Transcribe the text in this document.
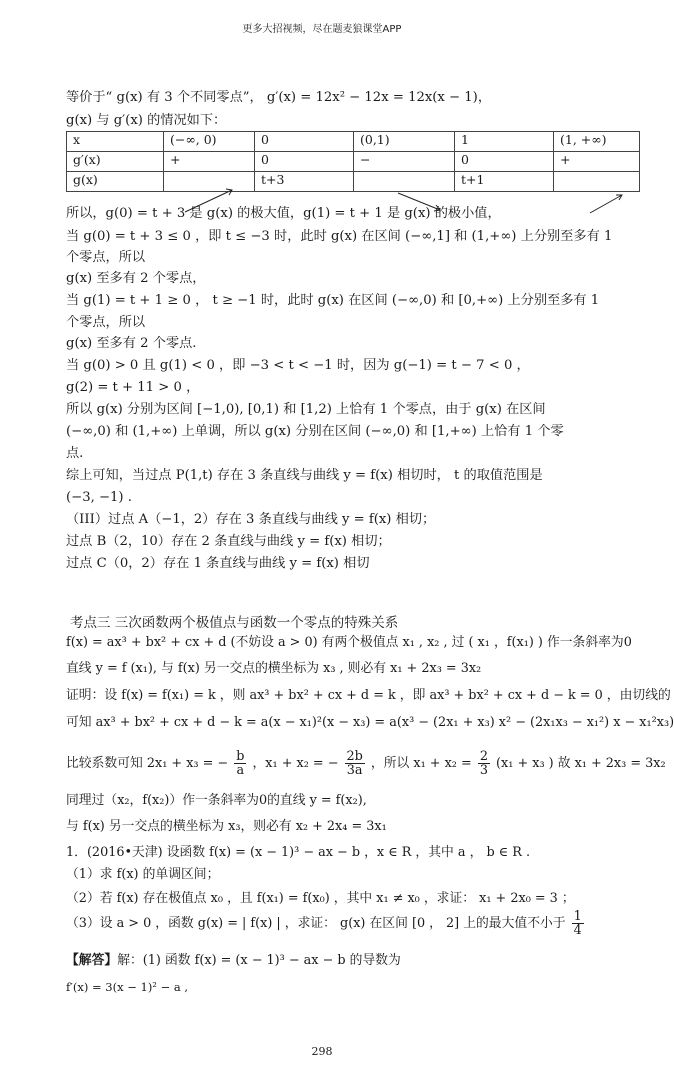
更多大招视频，尽在题麦狼课堂APP
等价于“ g(x) 有 3 个不同零点”， g′(x) = 12x² − 12x = 12x(x − 1)，
g(x) 与 g′(x) 的情况如下：
x	(−∞, 0)	0	(0,1)	1	(1, +∞)
g′(x)	+	0	−	0	+
g(x)		t+3		t+1	
所以，g(0) = t + 3 是 g(x) 的极大值，g(1) = t + 1 是 g(x) 的极小值，
当 g(0) = t + 3 ≤ 0 ，即 t ≤ −3 时，此时 g(x) 在区间 (−∞,1] 和 (1,+∞) 上分别至多有 1
个零点，所以
g(x) 至多有 2 个零点，
当 g(1) = t + 1 ≥ 0 ， t ≥ −1 时，此时 g(x) 在区间 (−∞,0) 和 [0,+∞) 上分别至多有 1
个零点，所以
g(x) 至多有 2 个零点.
当 g(0) > 0 且 g(1) < 0 ，即 −3 < t < −1 时，因为 g(−1) = t − 7 < 0 ，
g(2) = t + 11 > 0 ，
所以 g(x) 分别为区间 [−1,0), [0,1) 和 [1,2) 上恰有 1 个零点，由于 g(x) 在区间
(−∞,0) 和 (1,+∞) 上单调，所以 g(x) 分别在区间 (−∞,0) 和 [1,+∞) 上恰有 1 个零
点.
综上可知，当过点 P(1,t) 存在 3 条直线与曲线 y = f(x) 相切时， t 的取值范围是
(−3, −1) .
（III）过点 A（−1，2）存在 3 条直线与曲线 y = f(x) 相切；
过点 B（2，10）存在 2 条直线与曲线 y = f(x) 相切；
过点 C（0，2）存在 1 条直线与曲线 y = f(x) 相切
考点三 三次函数两个极值点与函数一个零点的特殊关系
f(x) = ax³ + bx² + cx + d (不妨设 a > 0) 有两个极值点 x₁ , x₂ , 过 ( x₁ ，f(x₁) ) 作一条斜率为0
直线 y = f (x₁), 与 f(x) 另一交点的横坐标为 x₃ , 则必有 x₁ + 2x₃ = 3x₂
证明：设 f(x) = f(x₁) = k ，则 ax³ + bx² + cx + d = k ，即 ax³ + bx² + cx + d − k = 0 ，由切线的
可知 ax³ + bx² + cx + d − k = a(x − x₁)²(x − x₃) = a(x³ − (2x₁ + x₃) x² − (2x₁x₃ − x₁²) x − x₁²x₃)
比较系数可知 2x₁ + x₃ = − $\frac{b}{a}$ ，x₁ + x₂ = − $\frac{2b}{3a}$ ，所以 $x_1 + x_2 = \frac{2}{3} (x_1 + x_3$ ) 故 x₁ + 2x₃ = 3x₂
同理过（x₂，f(x₂)）作一条斜率为0的直线 y = f(x₂),
与 f(x) 另一交点的横坐标为 x₃，则必有 x₂ + 2x₄ = 3x₁
1．(2016•天津) 设函数 f(x) = (x − 1)³ − ax − b ，x ∈ R ，其中 a ， b ∈ R .
（1）求 f(x) 的单调区间；
（2）若 f(x) 存在极值点 x₀ ，且 f(x₁) = f(x₀) ，其中 x₁ ≠ x₀ ，求证： x₁ + 2x₀ = 3 ；
（3）设 a > 0 ，函数 g(x) = | f(x) | ，求证： g(x) 在区间 [0 ， 2] 上的最大值不小于 $\frac{1}{4}$
【解答】解：(1) 函数 f(x) = (x − 1)³ − ax − b 的导数为
f′(x) = 3(x − 1)² − a ,
298
